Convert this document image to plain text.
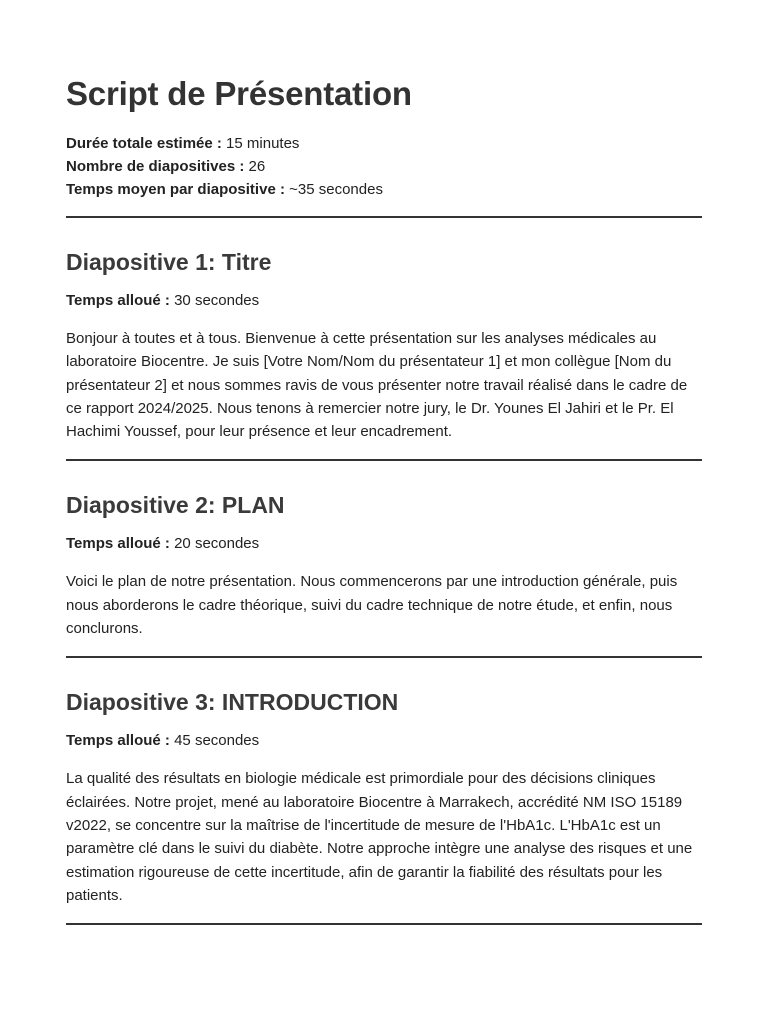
Script de Présentation
Durée totale estimée : 15 minutes
Nombre de diapositives : 26
Temps moyen par diapositive : ~35 secondes
Diapositive 1: Titre
Temps alloué : 30 secondes

Bonjour à toutes et à tous. Bienvenue à cette présentation sur les analyses médicales au laboratoire Biocentre. Je suis [Votre Nom/Nom du présentateur 1] et mon collègue [Nom du présentateur 2] et nous sommes ravis de vous présenter notre travail réalisé dans le cadre de ce rapport 2024/2025. Nous tenons à remercier notre jury, le Dr. Younes El Jahiri et le Pr. El Hachimi Youssef, pour leur présence et leur encadrement.

Diapositive 2: PLAN
Temps alloué : 20 secondes

Voici le plan de notre présentation. Nous commencerons par une introduction générale, puis nous aborderons le cadre théorique, suivi du cadre technique de notre étude, et enfin, nous conclurons.

Diapositive 3: INTRODUCTION
Temps alloué : 45 secondes

La qualité des résultats en biologie médicale est primordiale pour des décisions cliniques éclairées. Notre projet, mené au laboratoire Biocentre à Marrakech, accrédité NM ISO 15189 v2022, se concentre sur la maîtrise de l'incertitude de mesure de l'HbA1c. L'HbA1c est un paramètre clé dans le suivi du diabète. Notre approche intègre une analyse des risques et une estimation rigoureuse de cette incertitude, afin de garantir la fiabilité des résultats pour les patients.
